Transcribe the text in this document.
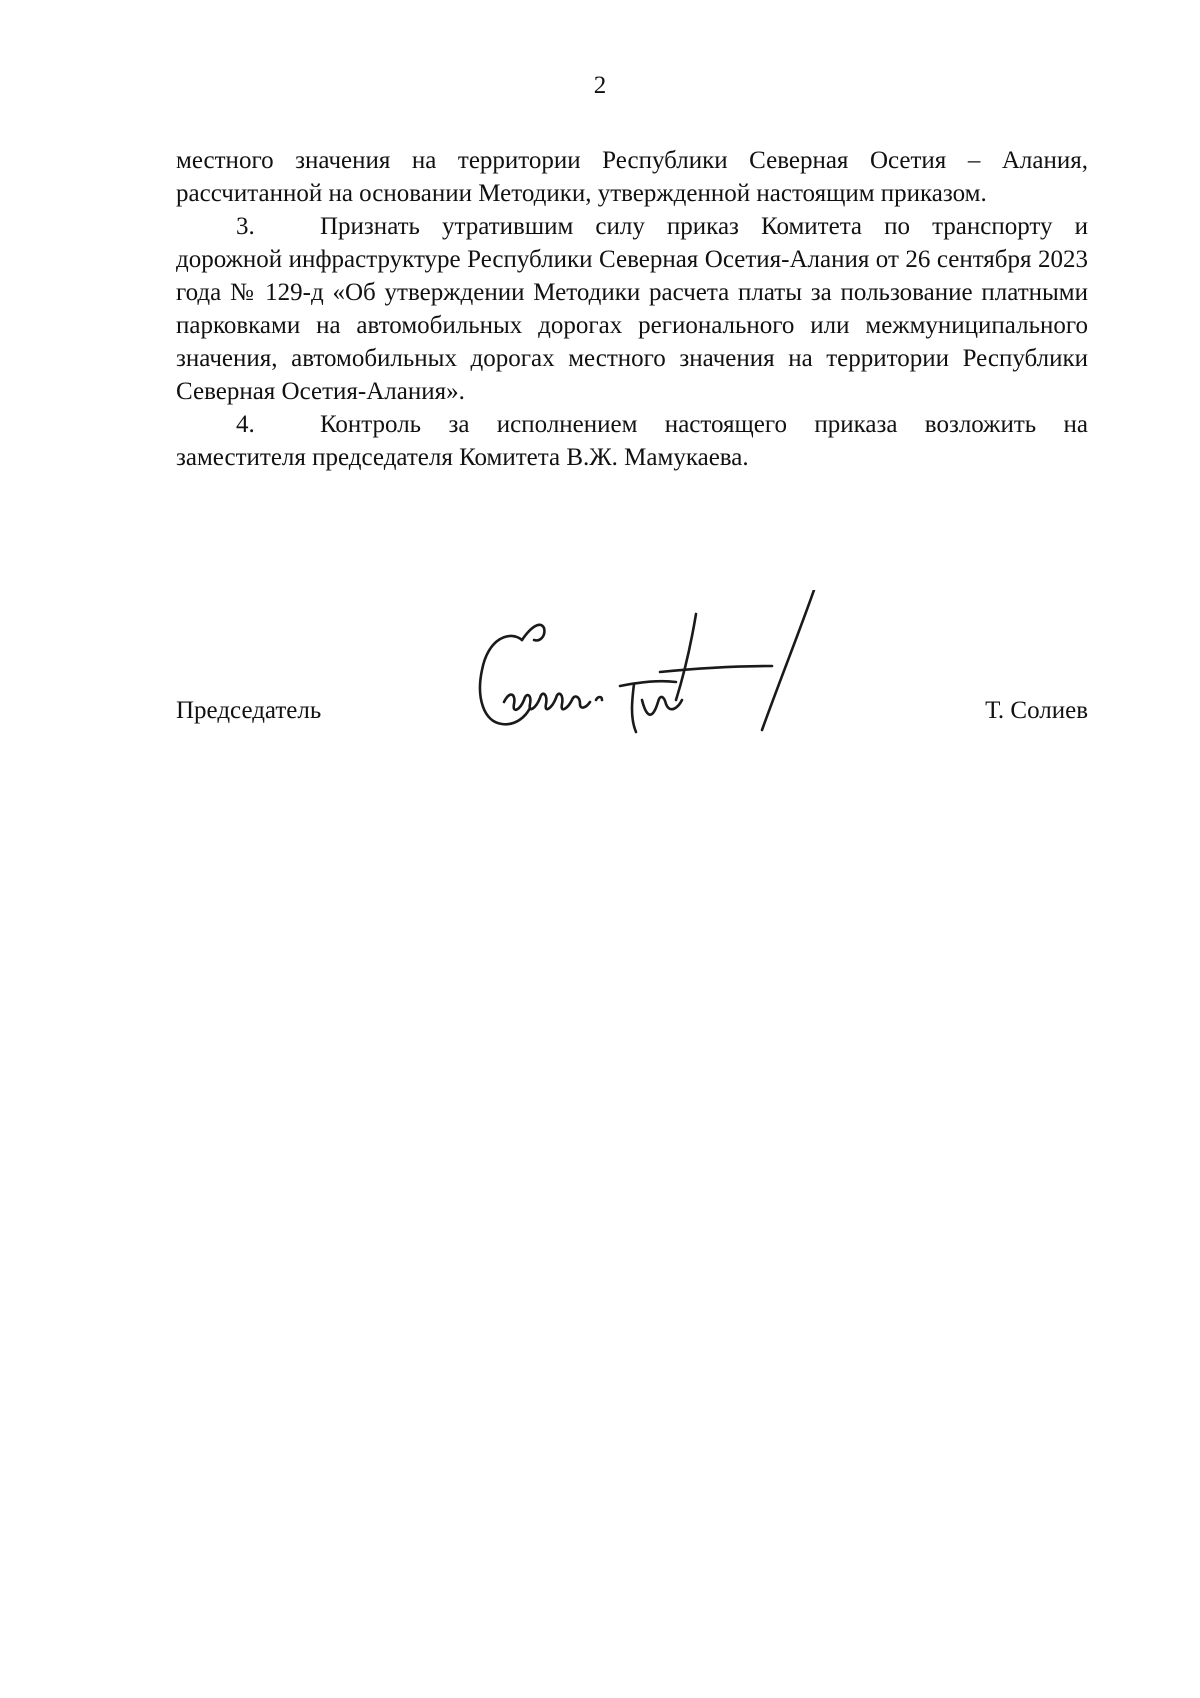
2

местного значения на территории Республики Северная Осетия – Алания, рассчитанной на основании Методики, утвержденной настоящим приказом.

3.	Признать утратившим силу приказ Комитета по транспорту и дорожной инфраструктуре Республики Северная Осетия-Алания от 26 сентября 2023 года № 129-д «Об утверждении Методики расчета платы за пользование платными парковками на автомобильных дорогах регионального или межмуниципального значения, автомобильных дорогах местного значения на территории Республики Северная Осетия-Алания».

4.	Контроль за исполнением настоящего приказа возложить на заместителя председателя Комитета В.Ж. Мамукаева.

Председатель	Т. Солиев
